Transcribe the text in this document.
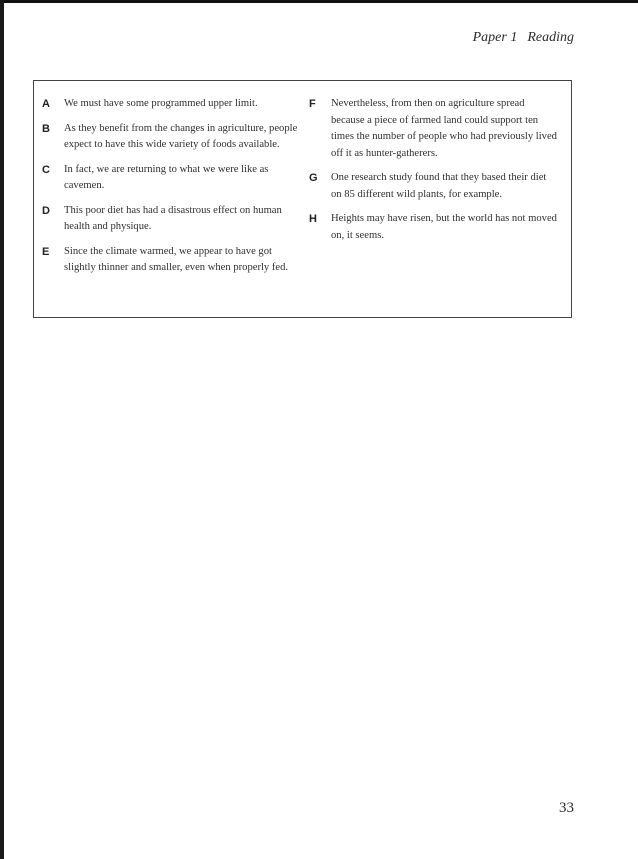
Paper 1 Reading
A We must have some programmed upper limit.
B As they benefit from the changes in agriculture, people expect to have this wide variety of foods available.
C In fact, we are returning to what we were like as cavemen.
D This poor diet has had a disastrous effect on human health and physique.
E Since the climate warmed, we appear to have got slightly thinner and smaller, even when properly fed.
F Nevertheless, from then on agriculture spread because a piece of farmed land could support ten times the number of people who had previously lived off it as hunter-gatherers.
G One research study found that they based their diet on 85 different wild plants, for example.
H Heights may have risen, but the world has not moved on, it seems.
33
